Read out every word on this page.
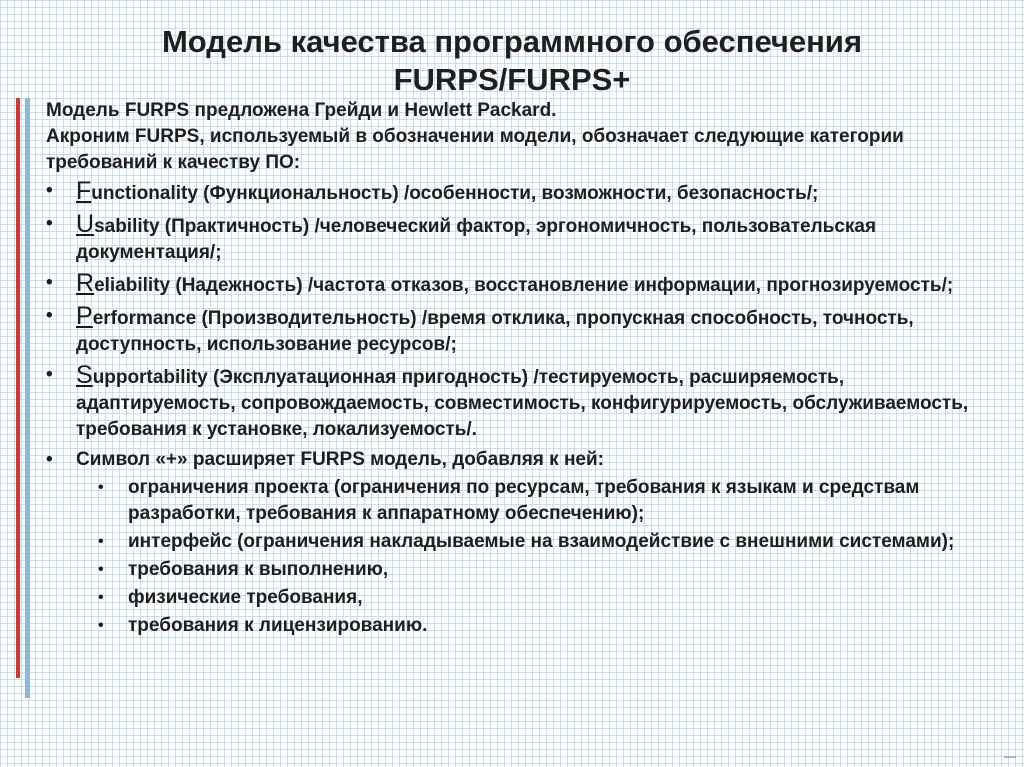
Модель качества программного обеспечения
FURPS/FURPS+

Модель FURPS предложена Грейди и Hewlett Packard.

Акроним FURPS, используемый в обозначении модели, обозначает следующие категории требований к качеству ПО:

• Functionality (Функциональность) /особенности, возможности, безопасность/;
• Usability (Практичность) /человеческий фактор, эргономичность, пользовательская документация/;
• Reliability (Надежность) /частота отказов, восстановление информации, прогнозируемость/;
• Performance (Производительность) /время отклика, пропускная способность, точность, доступность, использование ресурсов/;
• Supportability (Эксплуатационная пригодность) /тестируемость, расширяемость, адаптируемость, сопровождаемость, совместимость, конфигурируемость, обслуживаемость, требования к установке, локализуемость/.
• Символ «+» расширяет FURPS модель, добавляя к ней:
• ограничения проекта (ограничения по ресурсам, требования к языкам и средствам разработки, требования к аппаратному обеспечению);
• интерфейс (ограничения накладываемые на взаимодействие с внешними системами);
• требования к выполнению,
• физические требования,
• требования к лицензированию.
—
